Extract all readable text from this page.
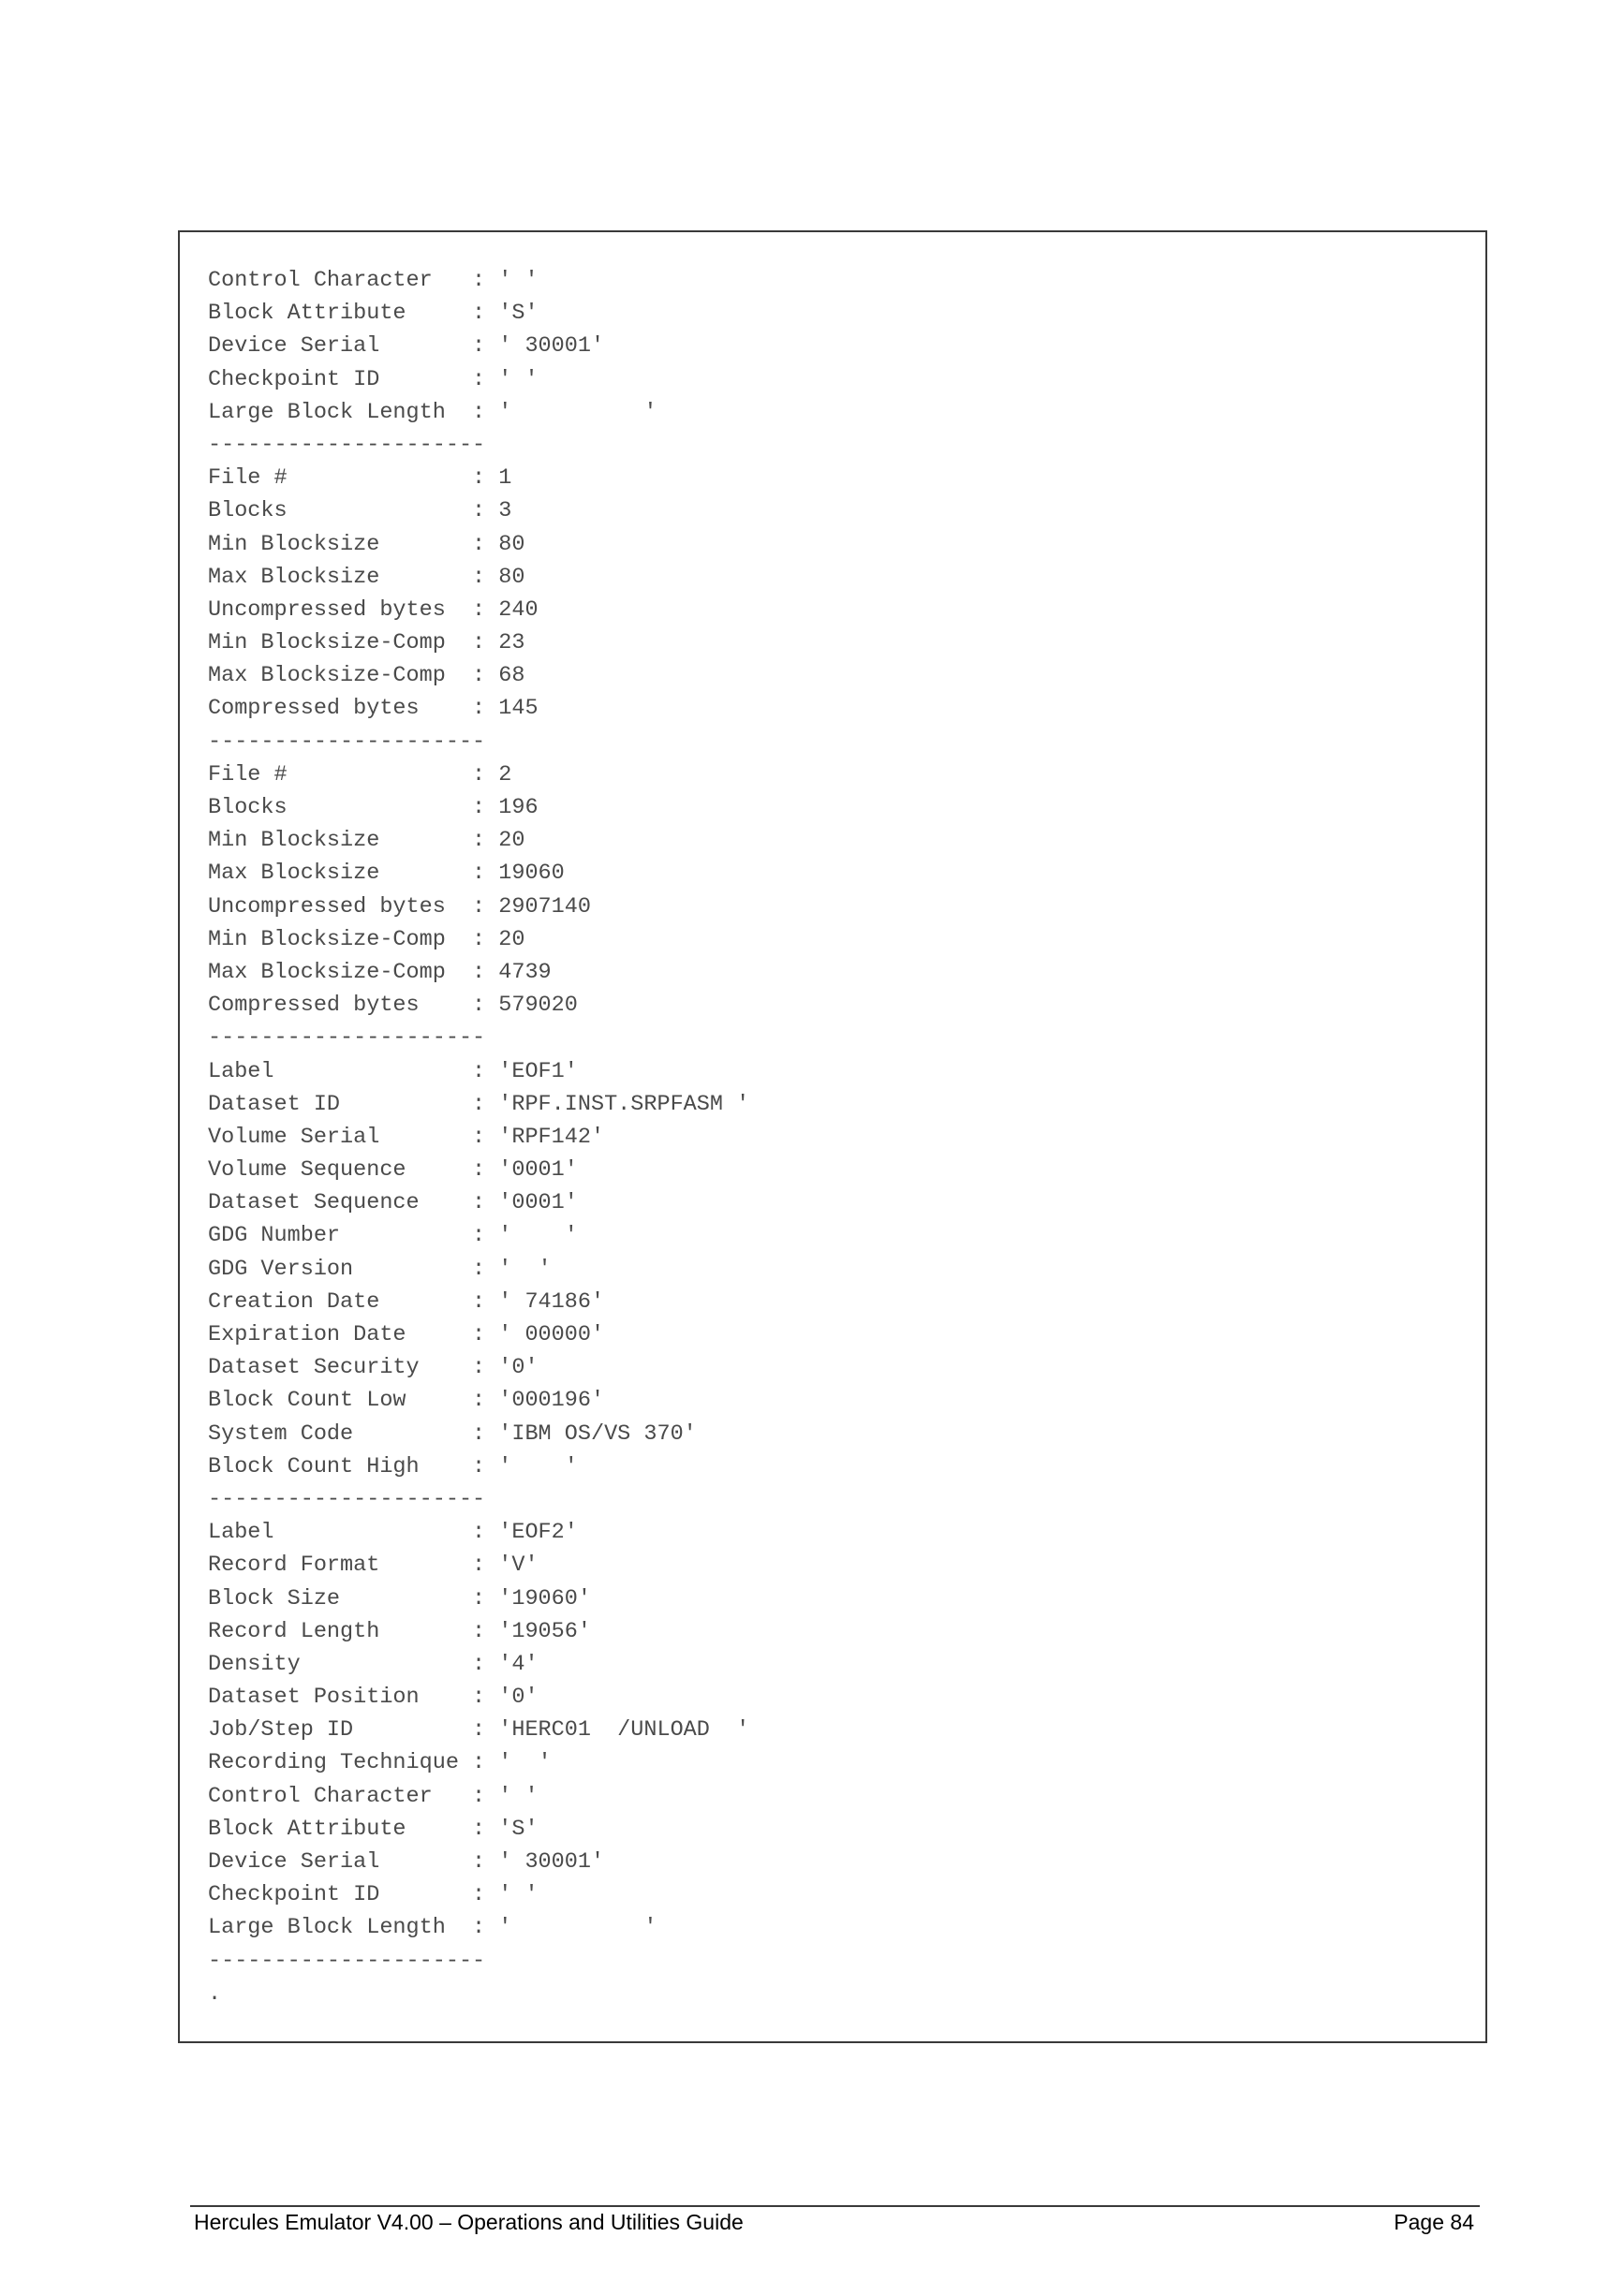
Control Character   : ' '
Block Attribute     : 'S'
Device Serial       : ' 30001'
Checkpoint ID       : ' '
Large Block Length  : '          '
---------------------
File #              : 1
Blocks              : 3
Min Blocksize       : 80
Max Blocksize       : 80
Uncompressed bytes  : 240
Min Blocksize-Comp  : 23
Max Blocksize-Comp  : 68
Compressed bytes    : 145
---------------------
File #              : 2
Blocks              : 196
Min Blocksize       : 20
Max Blocksize       : 19060
Uncompressed bytes  : 2907140
Min Blocksize-Comp  : 20
Max Blocksize-Comp  : 4739
Compressed bytes    : 579020
---------------------
Label               : 'EOF1'
Dataset ID          : 'RPF.INST.SRPFASM '
Volume Serial       : 'RPF142'
Volume Sequence     : '0001'
Dataset Sequence    : '0001'
GDG Number          : '    '
GDG Version         : '  '
Creation Date       : ' 74186'
Expiration Date     : ' 00000'
Dataset Security    : '0'
Block Count Low     : '000196'
System Code         : 'IBM OS/VS 370'
Block Count High    : '    '
---------------------
Label               : 'EOF2'
Record Format       : 'V'
Block Size          : '19060'
Record Length       : '19056'
Density             : '4'
Dataset Position    : '0'
Job/Step ID         : 'HERC01  /UNLOAD  '
Recording Technique : '  '
Control Character   : ' '
Block Attribute     : 'S'
Device Serial       : ' 30001'
Checkpoint ID       : ' '
Large Block Length  : '          '
---------------------
.
Hercules Emulator V4.00 – Operations and Utilities Guide	Page 84
